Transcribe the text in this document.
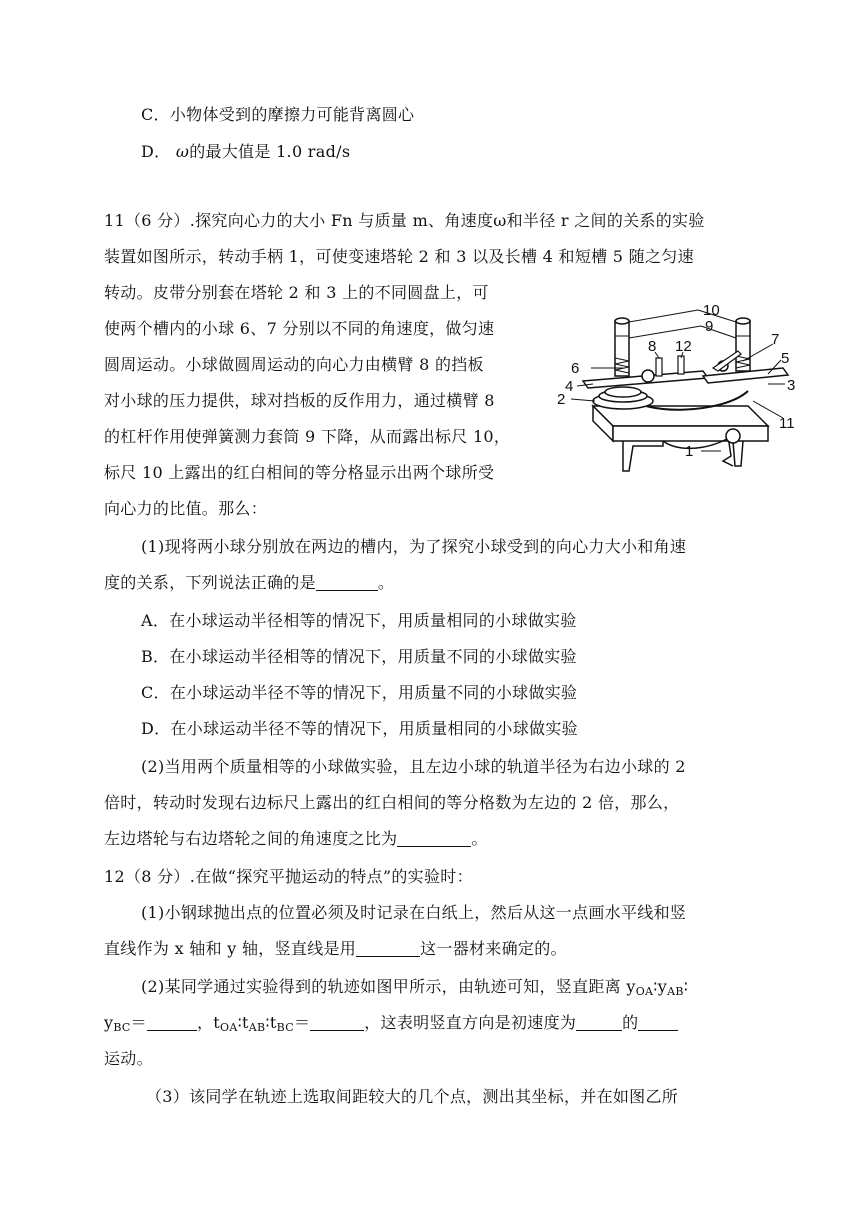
C．小物体受到的摩擦力可能背离圆心
D． ω的最大值是 1.0 rad/s
11（6 分）.探究向心力的大小 Fn 与质量 m、角速度ω和半径 r 之间的关系的实验
装置如图所示，转动手柄 1，可使变速塔轮 2 和 3 以及长槽 4 和短槽 5 随之匀速
转动。皮带分别套在塔轮 2 和 3 上的不同圆盘上，可
使两个槽内的小球 6、7 分别以不同的角速度，做匀速
圆周运动。小球做圆周运动的向心力由横臂 8 的挡板
对小球的压力提供，球对挡板的反作用力，通过横臂 8
的杠杆作用使弹簧测力套筒 9 下降，从而露出标尺 10，
标尺 10 上露出的红白相间的等分格显示出两个球所受
向心力的比值。那么：
10
9
7
5
3
11
6
8 12
4
2
1
(1)现将两小球分别放在两边的槽内，为了探究小球受到的向心力大小和角速
度的关系，下列说法正确的是	。
A．在小球运动半径相等的情况下，用质量相同的小球做实验
B．在小球运动半径相等的情况下，用质量不同的小球做实验
C．在小球运动半径不等的情况下，用质量不同的小球做实验
D．在小球运动半径不等的情况下，用质量相同的小球做实验
(2)当用两个质量相等的小球做实验，且左边小球的轨道半径为右边小球的 2
倍时，转动时发现右边标尺上露出的红白相间的等分格数为左边的 2 倍，那么，
左边塔轮与右边塔轮之间的角速度之比为	。
12（8 分）.在做“探究平抛运动的特点”的实验时：
(1)小钢球抛出点的位置必须及时记录在白纸上，然后从这一点画水平线和竖
直线作为 x 轴和 y 轴，竖直线是用	这一器材来确定的。
(2)某同学通过实验得到的轨迹如图甲所示，由轨迹可知，竖直距离 $y_{OA}∶y_{AB}∶$
$y_{BC}=$	，$t_{OA}∶t_{AB}∶t_{BC}=$	，这表明竖直方向是初速度为	的
运动。
（3）该同学在轨迹上选取间距较大的几个点，测出其坐标，并在如图乙所
